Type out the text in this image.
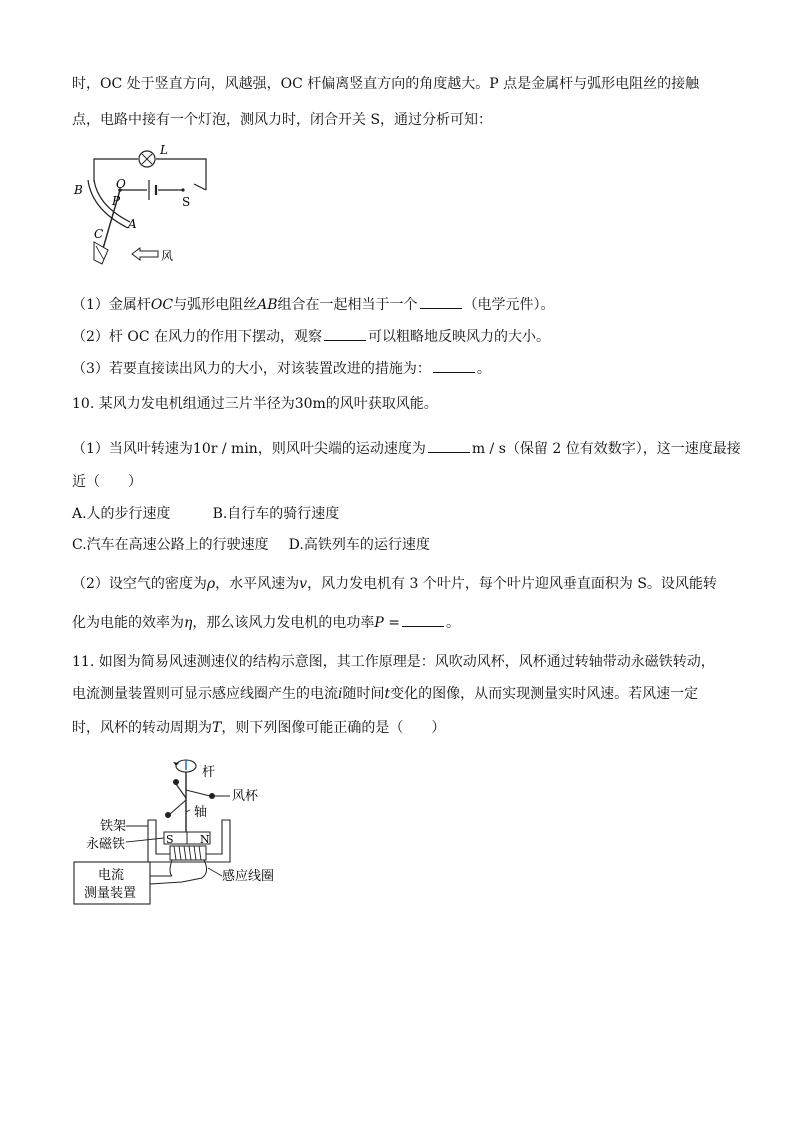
时，OC 处于竖直方向，风越强，OC 杆偏离竖直方向的角度越大。P 点是金属杆与弧形电阻丝的接触
点，电路中接有一个灯泡，测风力时，闭合开关 S，通过分析可知：
L
B	O
P
A
C
S
风
（1）金属杆OC与弧形电阻丝AB组合在一起相当于一个	（电学元件）。
（2）杆 OC 在风力的作用下摆动，观察	可以粗略地反映风力的大小。
（3）若要直接读出风力的大小，对该装置改进的措施为：	。
10. 某风力发电机组通过三片半径为30m的风叶获取风能。
（1）当风叶转速为10r / min，则风叶尖端的运动速度为	m / s（保留 2 位有效数字），这一速度最接
近（　　）
A.人的步行速度	B.自行车的骑行速度
C.汽车在高速公路上的行驶速度 D.高铁列车的运行速度
（2）设空气的密度为ρ，水平风速为v，风力发电机有 3 个叶片，每个叶片迎风垂直面积为 S。设风能转
化为电能的效率为η，那么该风力发电机的电功率P =	。
11. 如图为简易风速测速仪的结构示意图，其工作原理是：风吹动风杯，风杯通过转轴带动永磁铁转动，
电流测量装置则可显示感应线圈产生的电流i随时间t变化的图像，从而实现测量实时风速。若风速一定
时，风杯的转动周期为T，则下列图像可能正确的是（　　）
S N
杆
风杯
轴
铁架
永磁铁
电流
测量装置
感应线圈
